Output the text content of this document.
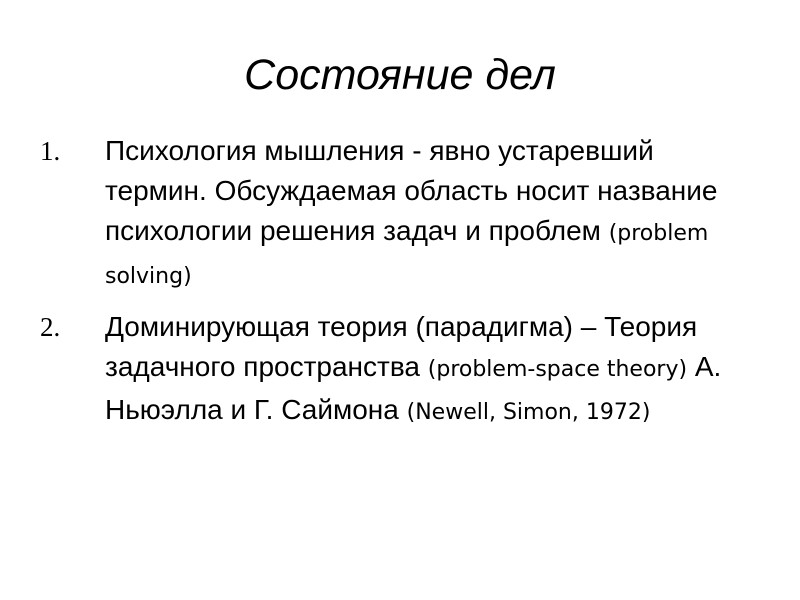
Состояние дел
1. Психология мышления - явно устаревший термин. Обсуждаемая область носит название психологии решения задач и проблем (problem solving)
2. Доминирующая теория (парадигма) – Теория задачного пространства (problem-space theory) А. Ньюэлла и Г. Саймона (Newell, Simon, 1972)
